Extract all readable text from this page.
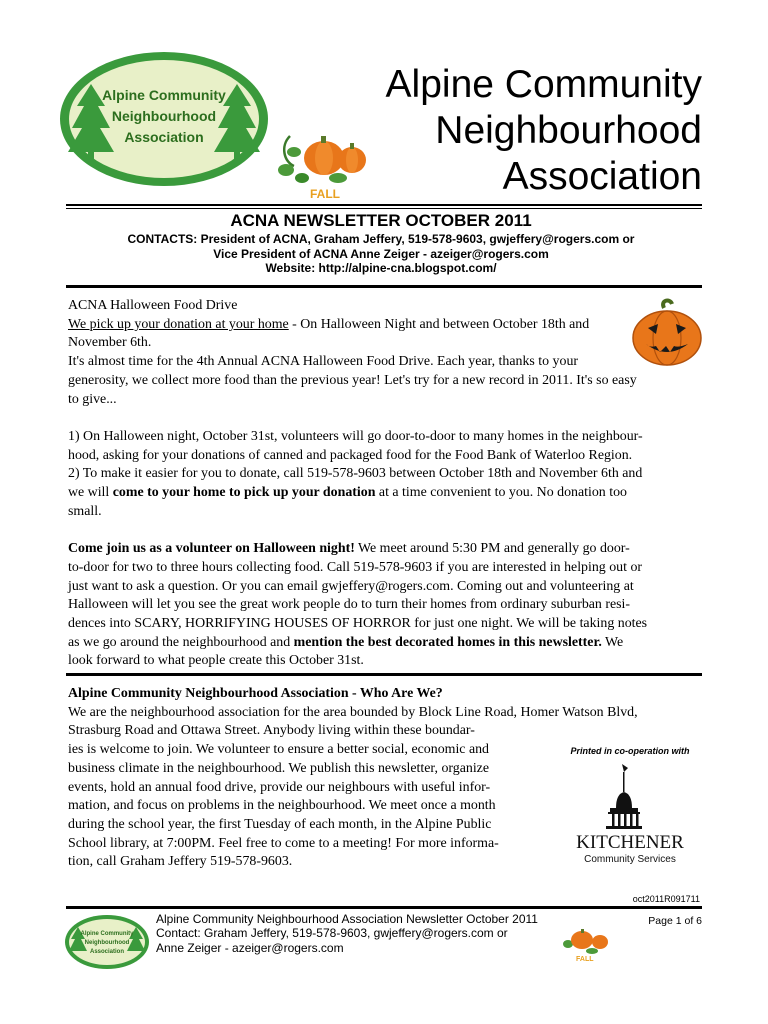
Alpine Community
Neighbourhood
Association
Alpine Community
Neighbourhood
Association
FALL
ACNA NEWSLETTER OCTOBER 2011
CONTACTS: President of ACNA, Graham Jeffery, 519-578-9603, gwjeffery@rogers.com or
Vice President of ACNA Anne Zeiger - azeiger@rogers.com
Website: http://alpine-cna.blogspot.com/
ACNA Halloween Food Drive
We pick up your donation at your home - On Halloween Night and between October 18th and
November 6th.
It's almost time for the 4th Annual ACNA Halloween Food Drive. Each year, thanks to your
generosity, we collect more food than the previous year! Let's try for a new record in 2011. It's so easy
to give...

1) On Halloween night, October 31st, volunteers will go door-to-door to many homes in the neighbour-
hood, asking for your donations of canned and packaged food for the Food Bank of Waterloo Region.
2) To make it easier for you to donate, call 519-578-9603 between October 18th and November 6th and
we will come to your home to pick up your donation at a time convenient to you. No donation too
small.

Come join us as a volunteer on Halloween night! We meet around 5:30 PM and generally go door-
to-door for two to three hours collecting food. Call 519-578-9603 if you are interested in helping out or
just want to ask a question. Or you can email gwjeffery@rogers.com. Coming out and volunteering at
Halloween will let you see the great work people do to turn their homes from ordinary suburban resi-
dences into SCARY, HORRIFYING HOUSES OF HORROR for just one night. We will be taking notes
as we go around the neighbourhood and mention the best decorated homes in this newsletter. We
look forward to what people create this October 31st.
Alpine Community Neighbourhood Association - Who Are We?
We are the neighbourhood association for the area bounded by Block Line Road, Homer Watson Blvd,
Strasburg Road and Ottawa Street. Anybody living within these boundar-
ies is welcome to join. We volunteer to ensure a better social, economic and
business climate in the neighbourhood. We publish this newsletter, organize
events, hold an annual food drive, provide our neighbours with useful infor-
mation, and focus on problems in the neighbourhood. We meet once a month
during the school year, the first Tuesday of each month, in the Alpine Public
School library, at 7:00PM. Feel free to come to a meeting! For more informa-
tion, call Graham Jeffery 519-578-9603.
Printed in co-operation with
KITCHENER
Community Services
oct2011R091711
Alpine Community
Neighbourhood
Association
Alpine Community Neighbourhood Association Newsletter October 2011
Contact: Graham Jeffery, 519-578-9603, gwjeffery@rogers.com or
Anne Zeiger - azeiger@rogers.com
Page 1 of 6
FALL
